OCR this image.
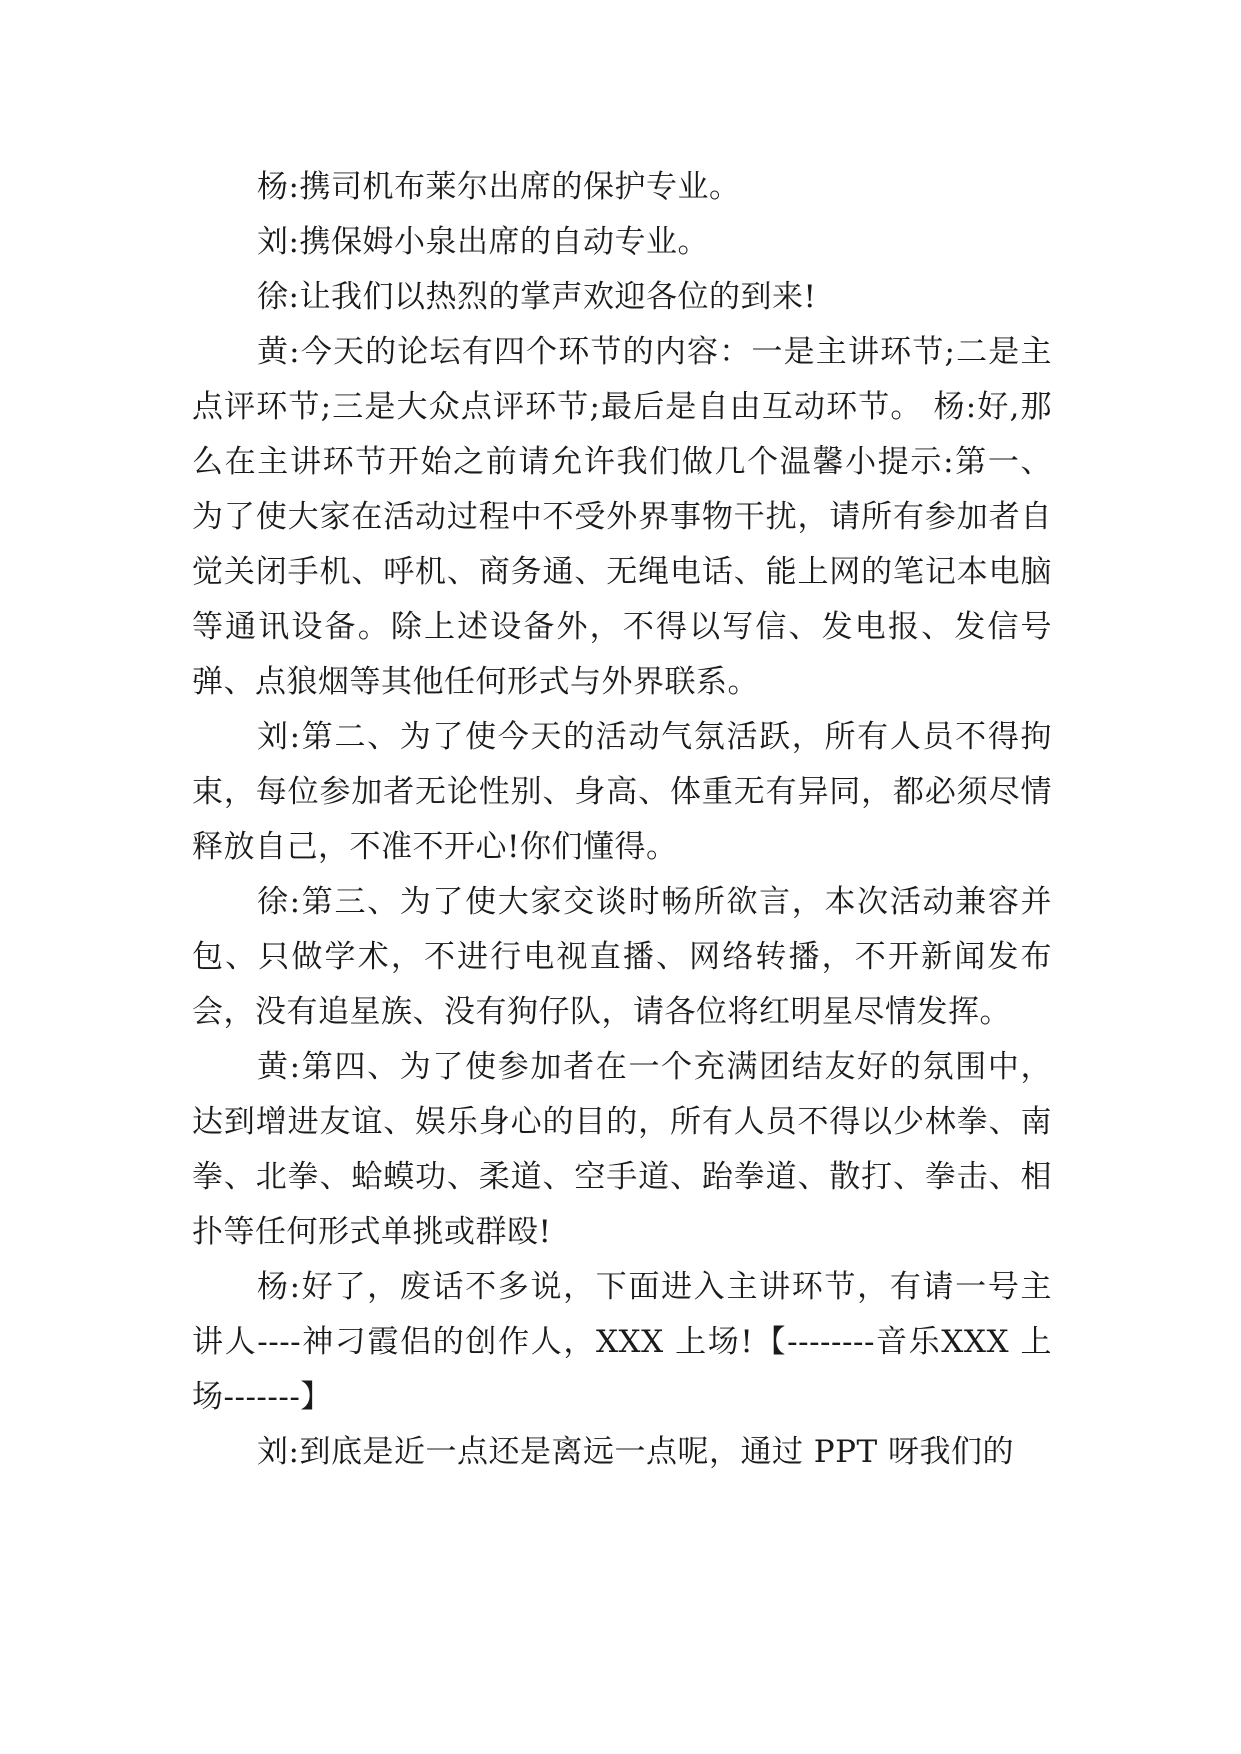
杨:携司机布莱尔出席的保护专业。

刘:携保姆小泉出席的自动专业。

徐:让我们以热烈的掌声欢迎各位的到来!

黄:今天的论坛有四个环节的内容：一是主讲环节;二是主点评环节;三是大众点评环节;最后是自由互动环节。 杨:好,那么在主讲环节开始之前请允许我们做几个温馨小提示:第一、为了使大家在活动过程中不受外界事物干扰，请所有参加者自觉关闭手机、呼机、商务通、无绳电话、能上网的笔记本电脑等通讯设备。除上述设备外，不得以写信、发电报、发信号弹、点狼烟等其他任何形式与外界联系。

刘:第二、为了使今天的活动气氛活跃，所有人员不得拘束，每位参加者无论性别、身高、体重无有异同，都必须尽情释放自己，不准不开心!你们懂得。

徐:第三、为了使大家交谈时畅所欲言，本次活动兼容并包、只做学术，不进行电视直播、网络转播，不开新闻发布会，没有追星族、没有狗仔队，请各位将红明星尽情发挥。

黄:第四、为了使参加者在一个充满团结友好的氛围中，达到增进友谊、娱乐身心的目的，所有人员不得以少林拳、南拳、北拳、蛤蟆功、柔道、空手道、跆拳道、散打、拳击、相扑等任何形式单挑或群殴!

杨:好了，废话不多说，下面进入主讲环节，有请一号主讲人----神刁霞侣的创作人，XXX 上场!【--------音乐XXX 上场-------】

刘:到底是近一点还是离远一点呢，通过 PPT 呀我们的
